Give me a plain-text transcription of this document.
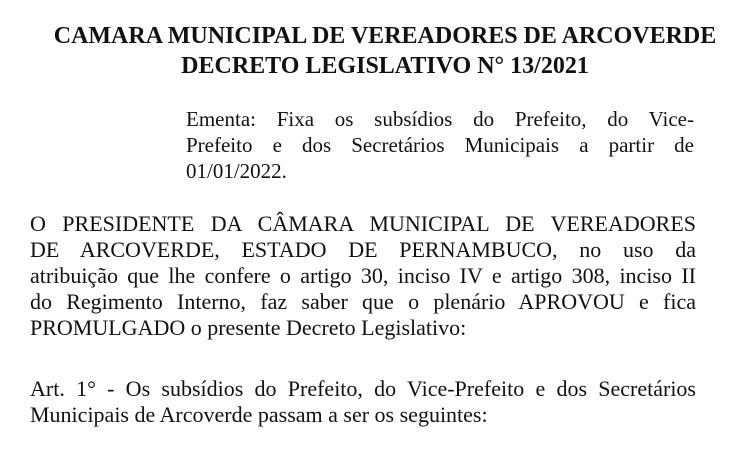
CAMARA MUNICIPAL DE VEREADORES DE ARCOVERDE
DECRETO LEGISLATIVO N° 13/2021
Ementa: Fixa os subsídios do Prefeito, do Vice-
Prefeito e dos Secretários Municipais a partir de
01/01/2022.
O PRESIDENTE DA CÂMARA MUNICIPAL DE VEREADORES
DE ARCOVERDE, ESTADO DE PERNAMBUCO, no uso da
atribuição que lhe confere o artigo 30, inciso IV e artigo 308, inciso II
do Regimento Interno, faz saber que o plenário APROVOU e fica
PROMULGADO o presente Decreto Legislativo:
Art. 1° - Os subsídios do Prefeito, do Vice-Prefeito e dos Secretários
Municipais de Arcoverde passam a ser os seguintes:
